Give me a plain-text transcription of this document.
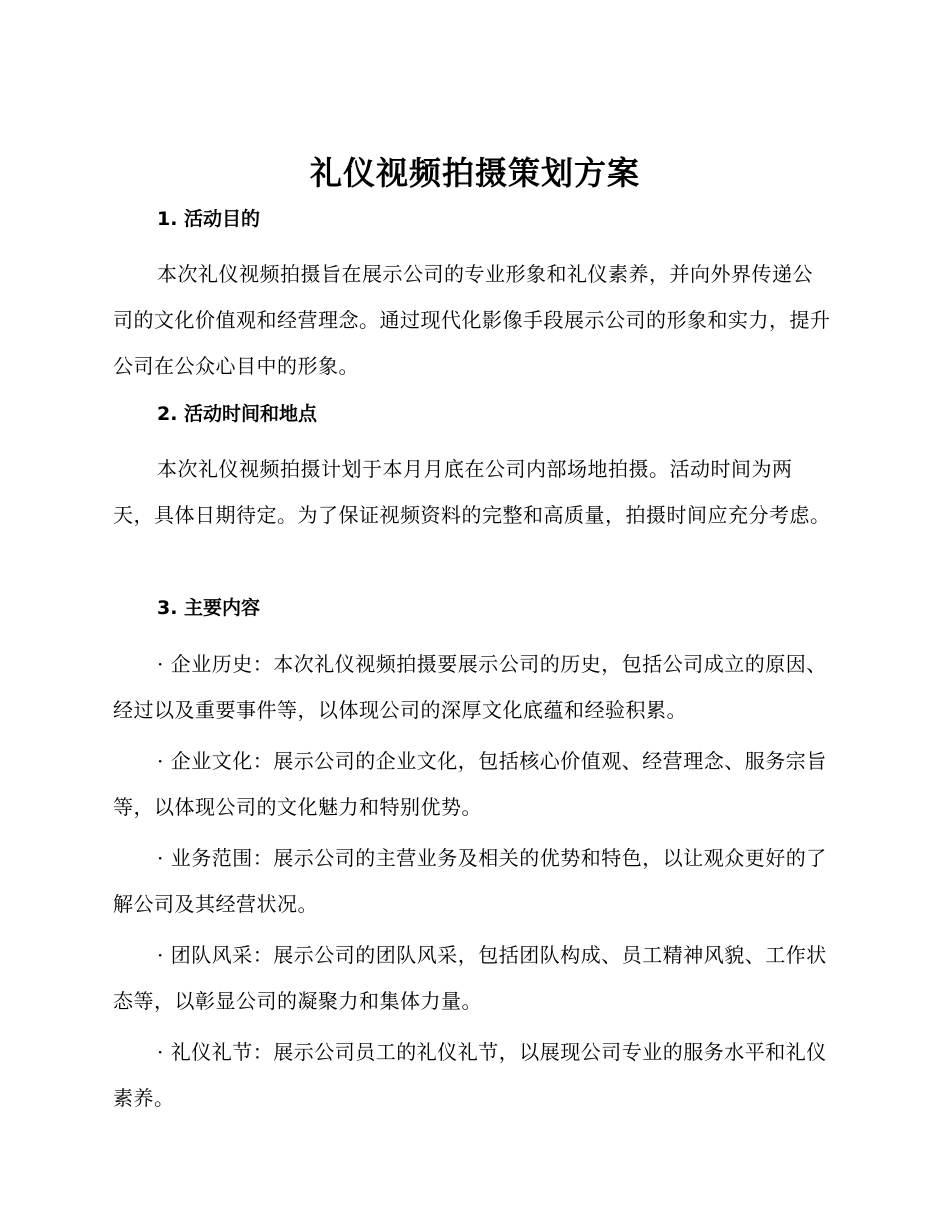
礼仪视频拍摄策划方案
1. 活动目的

本次礼仪视频拍摄旨在展示公司的专业形象和礼仪素养，并向外界传递公司的文化价值观和经营理念。通过现代化影像手段展示公司的形象和实力，提升公司在公众心目中的形象。

2. 活动时间和地点

本次礼仪视频拍摄计划于本月月底在公司内部场地拍摄。活动时间为两天，具体日期待定。为了保证视频资料的完整和高质量，拍摄时间应充分考虑。

3. 主要内容

· 企业历史：本次礼仪视频拍摄要展示公司的历史，包括公司成立的原因、经过以及重要事件等，以体现公司的深厚文化底蕴和经验积累。

· 企业文化：展示公司的企业文化，包括核心价值观、经营理念、服务宗旨等，以体现公司的文化魅力和特别优势。

· 业务范围：展示公司的主营业务及相关的优势和特色，以让观众更好的了解公司及其经营状况。

· 团队风采：展示公司的团队风采，包括团队构成、员工精神风貌、工作状态等，以彰显公司的凝聚力和集体力量。

· 礼仪礼节：展示公司员工的礼仪礼节，以展现公司专业的服务水平和礼仪素养。
